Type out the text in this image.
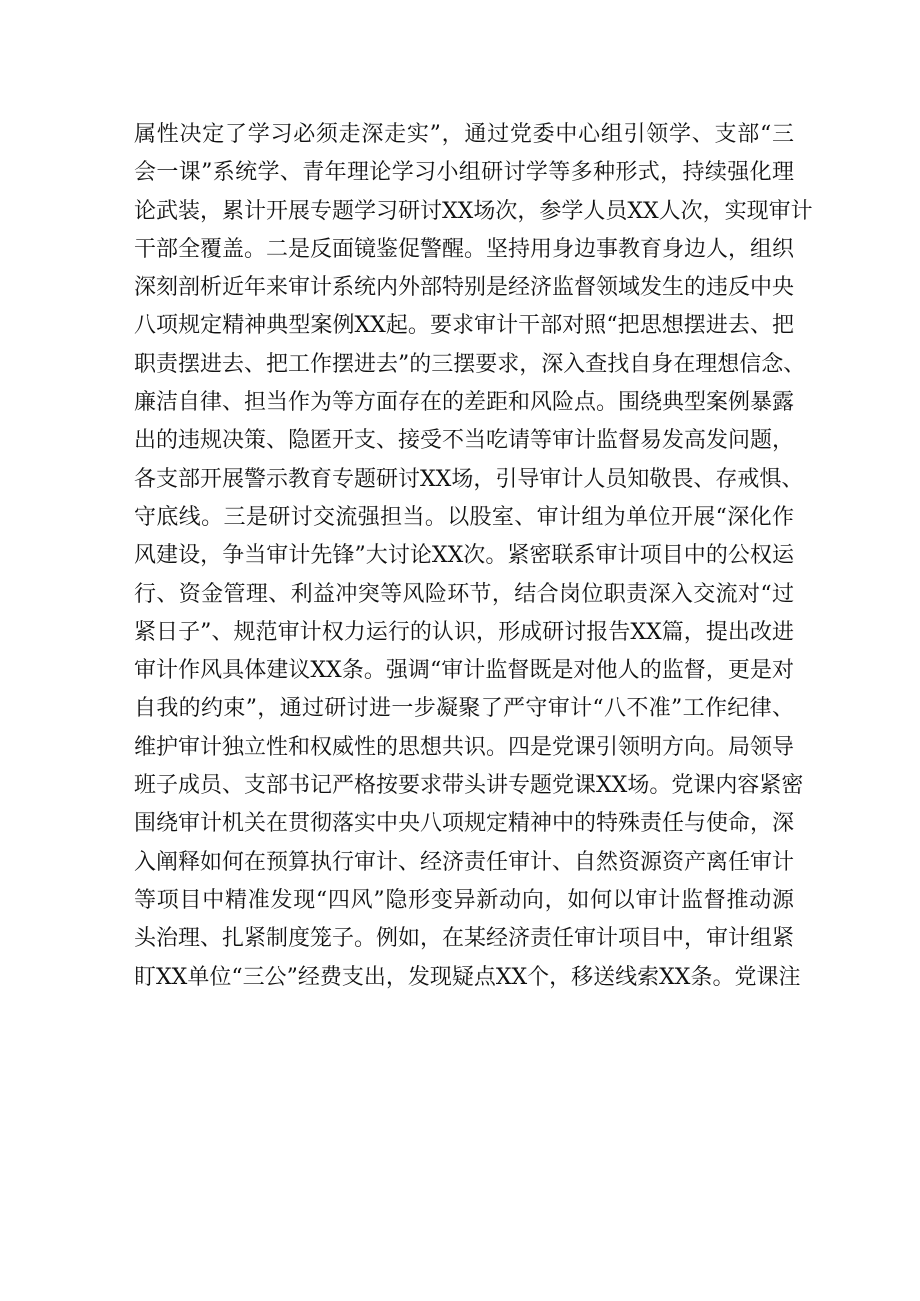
属性决定了学习必须走深走实”，通过党委中心组引领学、支部“三
会一课”系统学、青年理论学习小组研讨学等多种形式，持续强化理
论武装，累计开展专题学习研讨XX场次，参学人员XX人次，实现审计
干部全覆盖。二是反面镜鉴促警醒。坚持用身边事教育身边人，组织
深刻剖析近年来审计系统内外部特别是经济监督领域发生的违反中央
八项规定精神典型案例XX起。要求审计干部对照“把思想摆进去、把
职责摆进去、把工作摆进去”的三摆要求，深入查找自身在理想信念、
廉洁自律、担当作为等方面存在的差距和风险点。围绕典型案例暴露
出的违规决策、隐匿开支、接受不当吃请等审计监督易发高发问题，
各支部开展警示教育专题研讨XX场，引导审计人员知敬畏、存戒惧、
守底线。三是研讨交流强担当。以股室、审计组为单位开展“深化作
风建设，争当审计先锋”大讨论XX次。紧密联系审计项目中的公权运
行、资金管理、利益冲突等风险环节，结合岗位职责深入交流对“过
紧日子”、规范审计权力运行的认识，形成研讨报告XX篇，提出改进
审计作风具体建议XX条。强调“审计监督既是对他人的监督，更是对
自我的约束”，通过研讨进一步凝聚了严守审计“八不准”工作纪律、
维护审计独立性和权威性的思想共识。四是党课引领明方向。局领导
班子成员、支部书记严格按要求带头讲专题党课XX场。党课内容紧密
围绕审计机关在贯彻落实中央八项规定精神中的特殊责任与使命，深
入阐释如何在预算执行审计、经济责任审计、自然资源资产离任审计
等项目中精准发现“四风”隐形变异新动向，如何以审计监督推动源
头治理、扎紧制度笼子。例如，在某经济责任审计项目中，审计组紧
盯XX单位“三公”经费支出，发现疑点XX个，移送线索XX条。党课注
